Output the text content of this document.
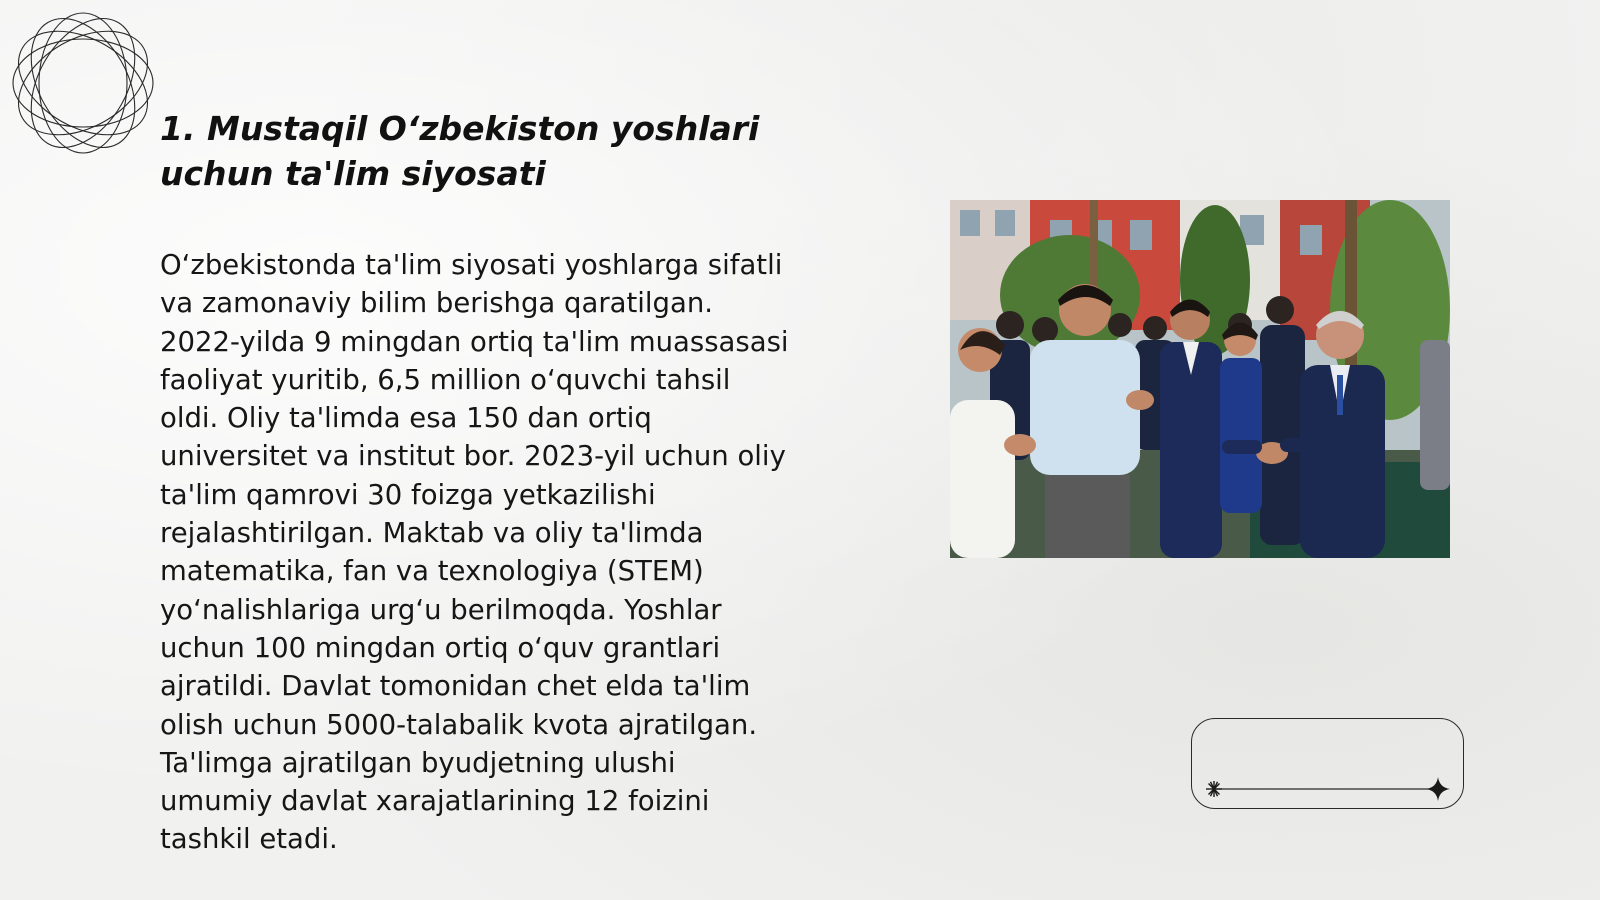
1. Mustaqil O‘zbekiston yoshlari
uchun ta'lim siyosati

O‘zbekistonda ta'lim siyosati yoshlarga sifatli
va zamonaviy bilim berishga qaratilgan.
2022-yilda 9 mingdan ortiq ta'lim muassasasi
faoliyat yuritib, 6,5 million o‘quvchi tahsil
oldi. Oliy ta'limda esa 150 dan ortiq
universitet va institut bor. 2023-yil uchun oliy
ta'lim qamrovi 30 foizga yetkazilishi
rejalashtirilgan. Maktab va oliy ta'limda
matematika, fan va texnologiya (STEM)
yo‘nalishlariga urg‘u berilmoqda. Yoshlar
uchun 100 mingdan ortiq o‘quv grantlari
ajratildi. Davlat tomonidan chet elda ta'lim
olish uchun 5000-talabalik kvota ajratilgan.
Ta'limga ajratilgan byudjetning ulushi
umumiy davlat xarajatlarining 12 foizini
tashkil etadi.
